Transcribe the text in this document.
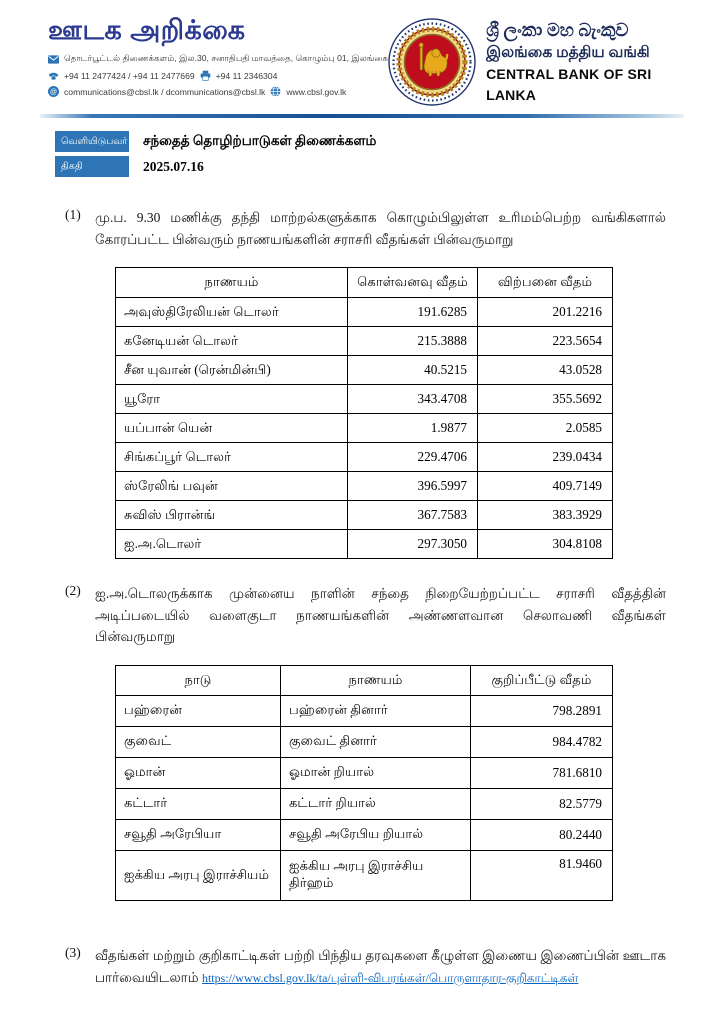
ஊடக அறிக்கை
தொடர்பூட்டல் திணைக்களம், இல.30, சனாதிபதி மாவத்தை, கொழும்பு 01, இலங்கை
+94 11 2477424 / +94 11 2477669 +94 11 2346304
@ communications@cbsl.lk / dcommunications@cbsl.lk www.cbsl.gov.lk
ශ්‍රී ලංකා මහ බැංකුව
இலங்கை மத்திய வங்கி
CENTRAL BANK OF SRI LANKA
வெளியிடுபவர் சந்தைத் தொழிற்பாடுகள் திணைக்களம்
திகதி	2025.07.16
(1)	மு.ப. 9.30 மணிக்கு தந்தி மாற்றல்களுக்காக கொழும்பிலுள்ள உரிமம்பெற்ற வங்கிகளால் கோரப்பட்ட பின்வரும் நாணயங்களின் சராசரி வீதங்கள் பின்வருமாறு
நாணயம்	கொள்வனவு வீதம்	விற்பனை வீதம்
அவுஸ்திரேலியன் டொலர்	191.6285	201.2216
கனேடியன் டொலர்	215.3888	223.5654
சீன யுவான் (ரென்மின்பி)	40.5215	43.0528
யூரோ	343.4708	355.5692
யப்பான் யென்	1.9877	2.0585
சிங்கப்பூர் டொலர்	229.4706	239.0434
ஸ்ரேலிங் பவுன்	396.5997	409.7149
சுவிஸ் பிரான்ங்	367.7583	383.3929
ஐ.அ.டொலர்	297.3050	304.8108
(2)	ஐ.அ.டொலருக்காக முன்னைய நாளின் சந்தை நிறையேற்றப்பட்ட சராசரி வீதத்தின் அடிப்படையில் வளைகுடா நாணயங்களின் அண்ணளவான செலாவணி வீதங்கள் பின்வருமாறு
நாடு	நாணயம்	குறிப்பீட்டு வீதம்
பஹ்ரைன்	பஹ்ரைன் தினார்	798.2891
குவைட்	குவைட் தினார்	984.4782
ஓமான்	ஓமான் றியால்	781.6810
கட்டார்	கட்டார் றியால்	82.5779
சவூதி அரேபியா	சவூதி அரேபிய றியால்	80.2440
ஐக்கிய அரபு இராச்சியம்	ஐக்கிய அரபு இராச்சிய திர்ஹம்	81.9460
(3)	வீதங்கள் மற்றும் குறிகாட்டிகள் பற்றி பிந்திய தரவுகளை கீழுள்ள இணைய இணைப்பின் ஊடாக பார்வையிடலாம் https://www.cbsl.gov.lk/ta/புள்ளி-விபரங்கள்/பொருளாதார-குறிகாட்டிகள்
